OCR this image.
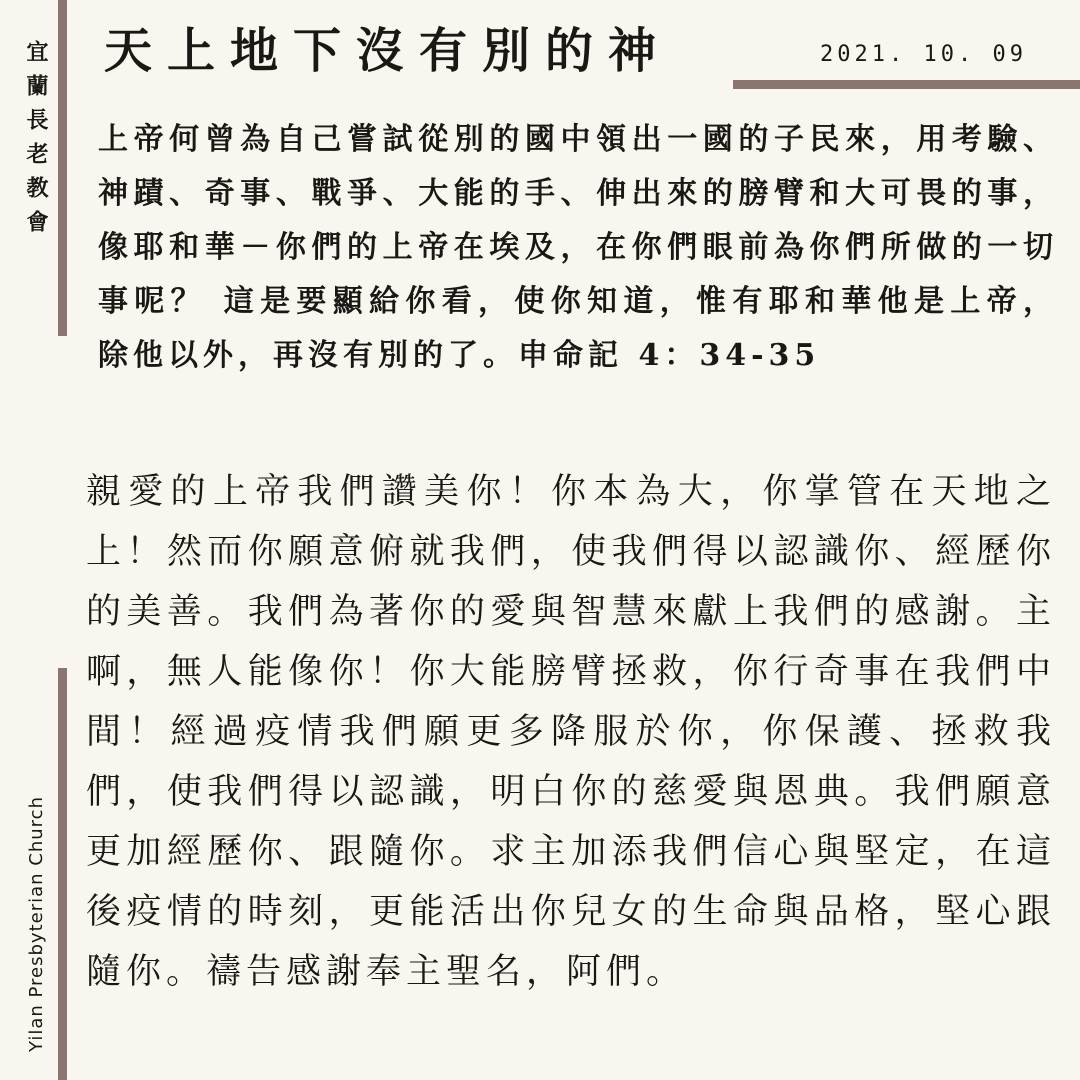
宜蘭長老教會
Yilan Presbyterian Church
天上地下沒有別的神	2021. 10. 09

上帝何曾為自己嘗試從別的國中領出一國的子民來，用考驗、神蹟、奇事、戰爭、大能的手、伸出來的膀臂和大可畏的事，像耶和華－你們的上帝在埃及，在你們眼前為你們所做的一切事呢？ 這是要顯給你看，使你知道，惟有耶和華他是上帝，除他以外，再沒有別的了。申命記 4：34-35

親愛的上帝我們讚美你！你本為大，你掌管在天地之上！然而你願意俯就我們，使我們得以認識你、經歷你的美善。我們為著你的愛與智慧來獻上我們的感謝。主啊，無人能像你！你大能膀臂拯救，你行奇事在我們中間！經過疫情我們願更多降服於你，你保護、拯救我們，使我們得以認識，明白你的慈愛與恩典。我們願意更加經歷你、跟隨你。求主加添我們信心與堅定，在這後疫情的時刻，更能活出你兒女的生命與品格，堅心跟隨你。禱告感謝奉主聖名，阿們。
